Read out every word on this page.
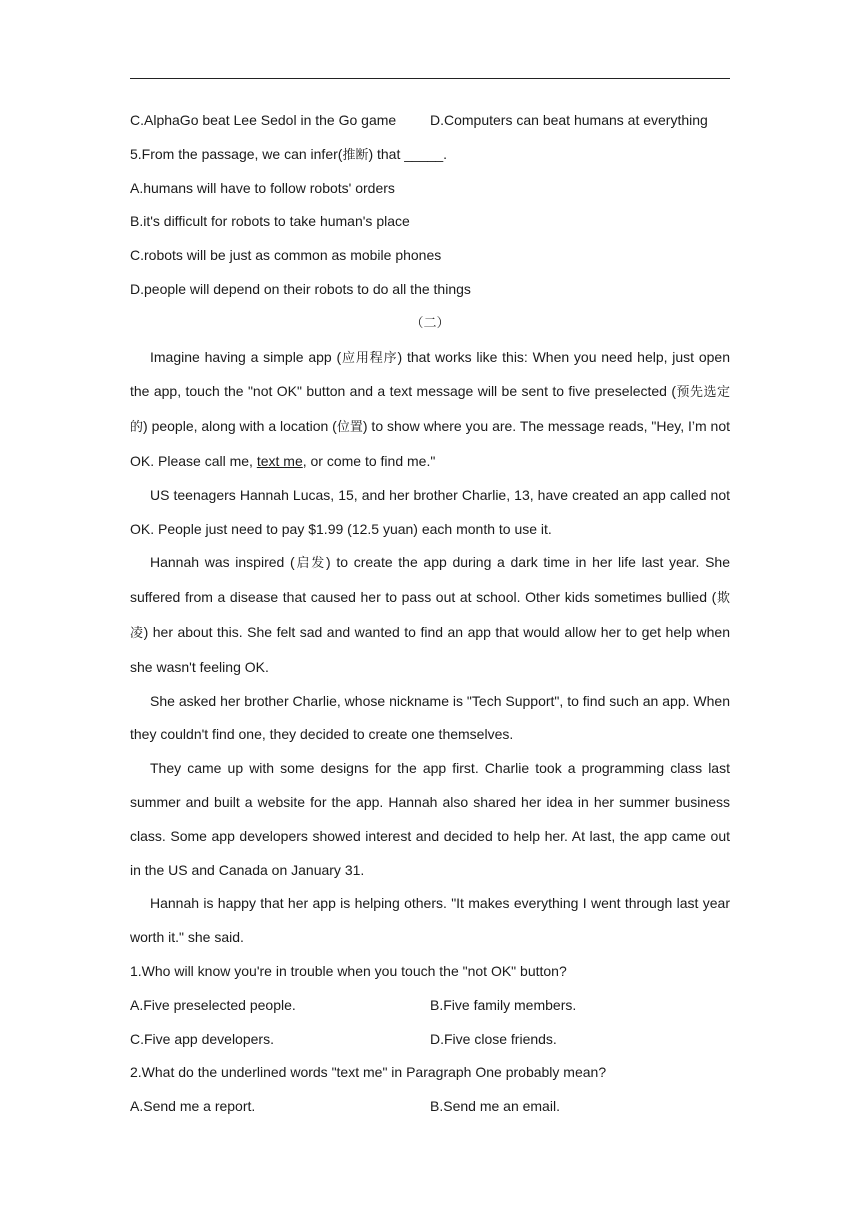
C.AlphaGo beat Lee Sedol in the Go game	D.Computers can beat humans at everything
5.From the passage, we can infer(推断) that _____.
A.humans will have to follow robots' orders
B.it's difficult for robots to take human's place
C.robots will be just as common as mobile phones
D.people will depend on their robots to do all the things
（二）

Imagine having a simple app (应用程序) that works like this: When you need help, just open the app, touch the "not OK" button and a text message will be sent to five preselected (预先选定的) people, along with a location (位置) to show where you are. The message reads, "Hey, I’m not OK. Please call me, text me, or come to find me."

US teenagers Hannah Lucas, 15, and her brother Charlie, 13, have created an app called not OK. People just need to pay $1.99 (12.5 yuan) each month to use it.

Hannah was inspired (启发) to create the app during a dark time in her life last year. She suffered from a disease that caused her to pass out at school. Other kids sometimes bullied (欺凌) her about this. She felt sad and wanted to find an app that would allow her to get help when she wasn't feeling OK.

She asked her brother Charlie, whose nickname is "Tech Support", to find such an app. When they couldn't find one, they decided to create one themselves.

They came up with some designs for the app first. Charlie took a programming class last summer and built a website for the app. Hannah also shared her idea in her summer business class. Some app developers showed interest and decided to help her. At last, the app came out in the US and Canada on January 31.

Hannah is happy that her app is helping others. "It makes everything I went through last year worth it." she said.

1.Who will know you're in trouble when you touch the "not OK" button?
A.Five preselected people.	B.Five family members.
C.Five app developers.	D.Five close friends.
2.What do the underlined words "text me" in Paragraph One probably mean?
A.Send me a report.	B.Send me an email.
